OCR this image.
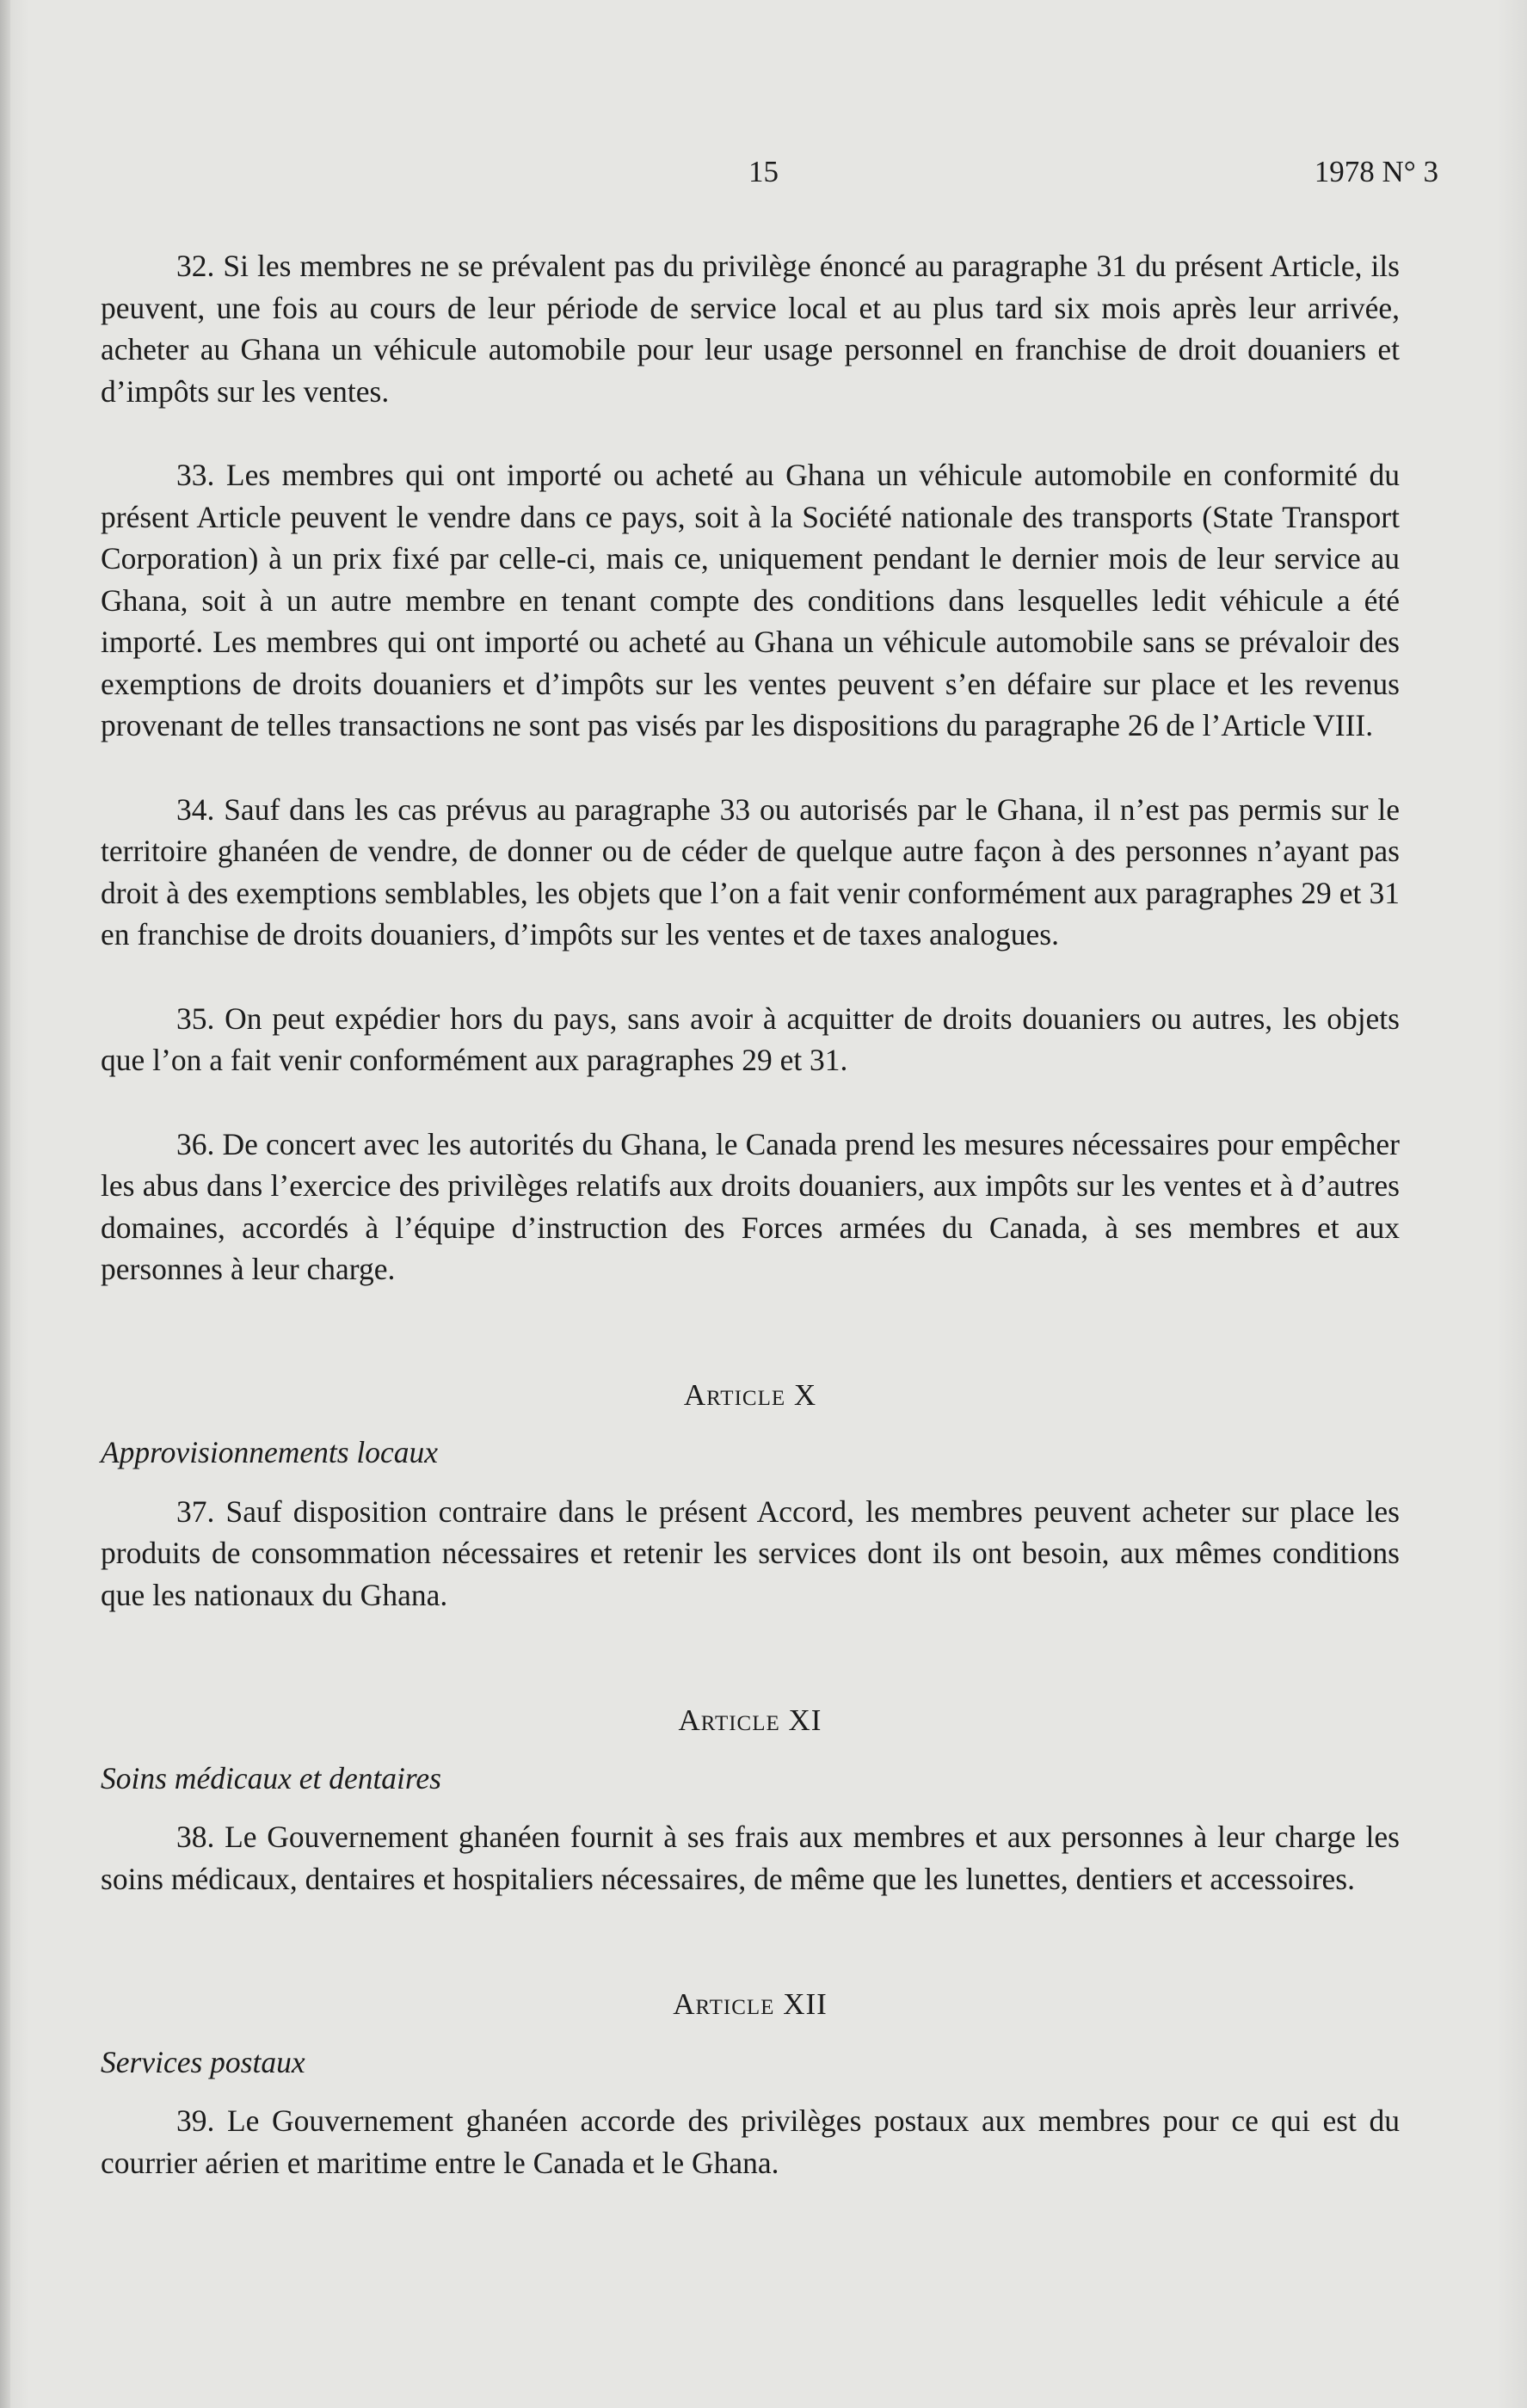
15	1978 N° 3

32. Si les membres ne se prévalent pas du privilège énoncé au paragraphe 31 du présent Article, ils peuvent, une fois au cours de leur période de service local et au plus tard six mois après leur arrivée, acheter au Ghana un véhicule automobile pour leur usage personnel en franchise de droit douaniers et d’impôts sur les ventes.

33. Les membres qui ont importé ou acheté au Ghana un véhicule automobile en conformité du présent Article peuvent le vendre dans ce pays, soit à la Société nationale des transports (State Transport Corporation) à un prix fixé par celle-ci, mais ce, uniquement pendant le dernier mois de leur service au Ghana, soit à un autre membre en tenant compte des conditions dans lesquelles ledit véhicule a été importé. Les membres qui ont importé ou acheté au Ghana un véhicule automobile sans se prévaloir des exemptions de droits douaniers et d’impôts sur les ventes peuvent s’en défaire sur place et les revenus provenant de telles transactions ne sont pas visés par les dispositions du paragraphe 26 de l’Article VIII.

34. Sauf dans les cas prévus au paragraphe 33 ou autorisés par le Ghana, il n’est pas permis sur le territoire ghanéen de vendre, de donner ou de céder de quelque autre façon à des personnes n’ayant pas droit à des exemptions semblables, les objets que l’on a fait venir conformément aux paragraphes 29 et 31 en franchise de droits douaniers, d’impôts sur les ventes et de taxes analogues.

35. On peut expédier hors du pays, sans avoir à acquitter de droits douaniers ou autres, les objets que l’on a fait venir conformément aux paragraphes 29 et 31.

36. De concert avec les autorités du Ghana, le Canada prend les mesures nécessaires pour empêcher les abus dans l’exercice des privilèges relatifs aux droits douaniers, aux impôts sur les ventes et à d’autres domaines, accordés à l’équipe d’instruction des Forces armées du Canada, à ses membres et aux personnes à leur charge.

Article X

Approvisionnements locaux

37. Sauf disposition contraire dans le présent Accord, les membres peuvent acheter sur place les produits de consommation nécessaires et retenir les services dont ils ont besoin, aux mêmes conditions que les nationaux du Ghana.

Article XI

Soins médicaux et dentaires

38. Le Gouvernement ghanéen fournit à ses frais aux membres et aux personnes à leur charge les soins médicaux, dentaires et hospitaliers nécessaires, de même que les lunettes, dentiers et accessoires.

Article XII

Services postaux

39. Le Gouvernement ghanéen accorde des privilèges postaux aux membres pour ce qui est du courrier aérien et maritime entre le Canada et le Ghana.
